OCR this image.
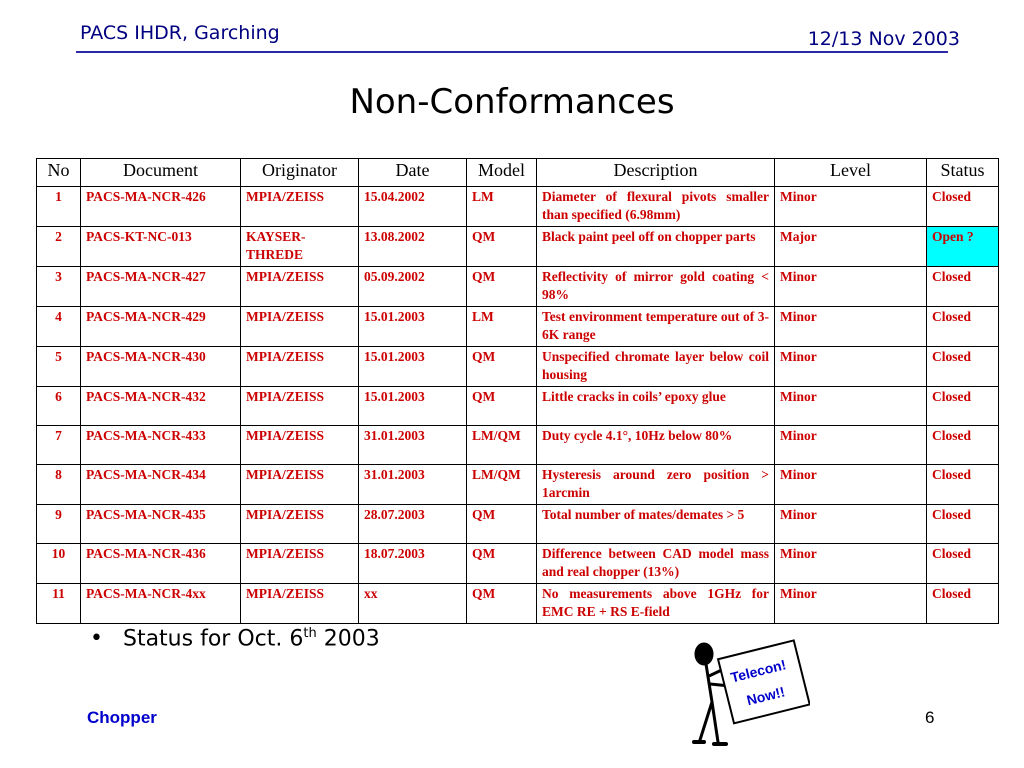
PACS IHDR, Garching	12/13 Nov 2003
Non-Conformances
No	Document	Originator	Date	Model	Description	Level	Status
1	PACS-MA-NCR-426	MPIA/ZEISS	15.04.2002	LM	Diameter of flexural pivots smaller than specified (6.98mm)	Minor	Closed
2	PACS-KT-NC-013	KAYSER-THREDE	13.08.2002	QM	Black paint peel off on chopper parts	Major	Open ?
3	PACS-MA-NCR-427	MPIA/ZEISS	05.09.2002	QM	Reflectivity of mirror gold coating < 98%	Minor	Closed
4	PACS-MA-NCR-429	MPIA/ZEISS	15.01.2003	LM	Test environment temperature out of 3-6K range	Minor	Closed
5	PACS-MA-NCR-430	MPIA/ZEISS	15.01.2003	QM	Unspecified chromate layer below coil housing	Minor	Closed
6	PACS-MA-NCR-432	MPIA/ZEISS	15.01.2003	QM	Little cracks in coils’ epoxy glue	Minor	Closed
7	PACS-MA-NCR-433	MPIA/ZEISS	31.01.2003	LM/QM	Duty cycle 4.1°, 10Hz below 80%	Minor	Closed
8	PACS-MA-NCR-434	MPIA/ZEISS	31.01.2003	LM/QM	Hysteresis around zero position > 1arcmin	Minor	Closed
9	PACS-MA-NCR-435	MPIA/ZEISS	28.07.2003	QM	Total number of mates/demates > 5	Minor	Closed
10	PACS-MA-NCR-436	MPIA/ZEISS	18.07.2003	QM	Difference between CAD model mass and real chopper (13%)	Minor	Closed
11	PACS-MA-NCR-4xx	MPIA/ZEISS	xx	QM	No measurements above 1GHz for EMC RE + RS E-field	Minor	Closed
• Status for Oct. 6th 2003
Telecon!
Now!!
Chopper	6
